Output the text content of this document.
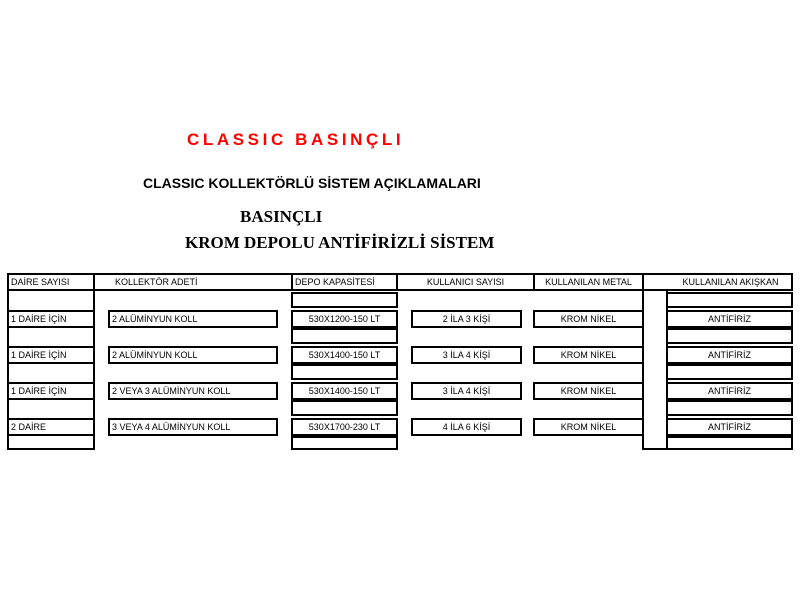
CLASSIC BASINÇLI
CLASSIC KOLLEKTÖRLÜ SİSTEM AÇIKLAMALARI
BASINÇLI
KROM DEPOLU ANTİFİRİZLİ SİSTEM
DAİRE SAYISI	KOLLEKTÖR ADETİ	DEPO KAPASİTESİ	KULLANICI SAYISI	KULLANILAN METAL	KULLANILAN AKIŞKAN
1 DAİRE İÇİN	2 ALÜMİNYUN KOLL	530X1200-150 LT	2 İLA 3 KİŞİ	KROM NİKEL	ANTİFİRİZ
1 DAİRE İÇİN	2 ALÜMİNYUN KOLL	530X1400-150 LT	3 İLA 4 KİŞİ	KROM NİKEL	ANTİFİRİZ
1 DAİRE İÇİN	2 VEYA 3 ALÜMİNYUN KOLL	530X1400-150 LT	3 İLA 4 KİŞİ	KROM NİKEL	ANTİFİRİZ
2 DAİRE	3 VEYA 4 ALÜMİNYUN KOLL	530X1700-230 LT	4 İLA 6 KİŞİ	KROM NİKEL	ANTİFİRİZ
